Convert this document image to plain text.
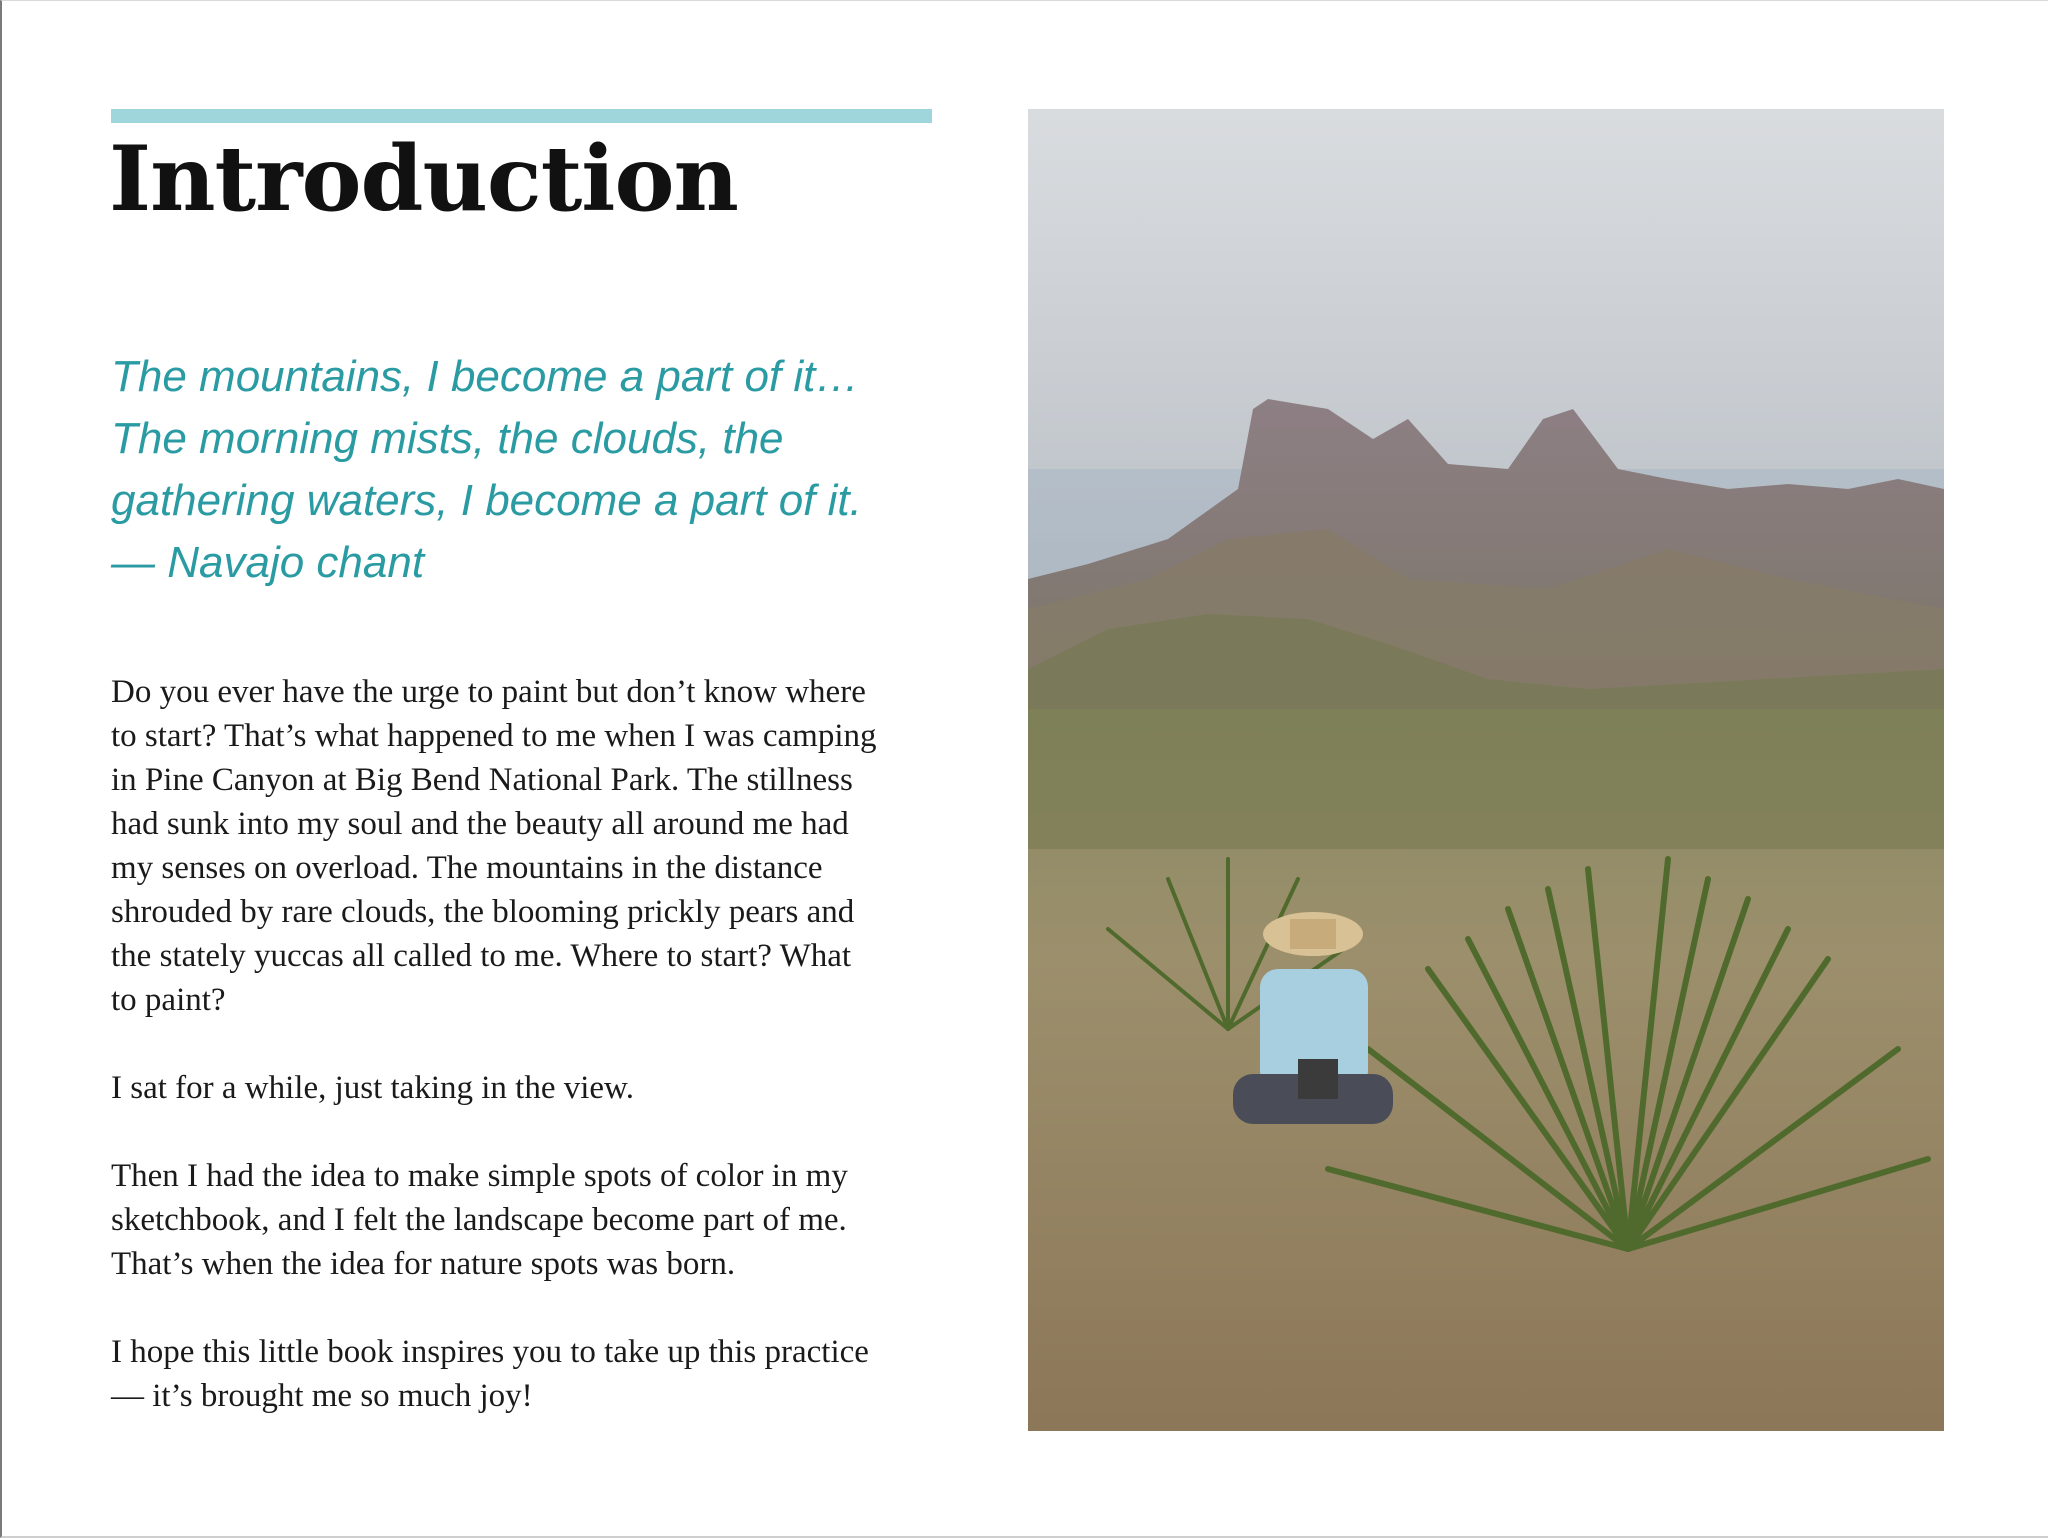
Introduction

The mountains, I become a part of it…
The morning mists, the clouds, the
gathering waters, I become a part of it.
— Navajo chant

Do you ever have the urge to paint but don’t know where
to start? That’s what happened to me when I was camping
in Pine Canyon at Big Bend National Park. The stillness
had sunk into my soul and the beauty all around me had
my senses on overload. The mountains in the distance
shrouded by rare clouds, the blooming prickly pears and
the stately yuccas all called to me. Where to start? What
to paint?

I sat for a while, just taking in the view.

Then I had the idea to make simple spots of color in my
sketchbook, and I felt the landscape become part of me.
That’s when the idea for nature spots was born.

I hope this little book inspires you to take up this practice
— it’s brought me so much joy!
